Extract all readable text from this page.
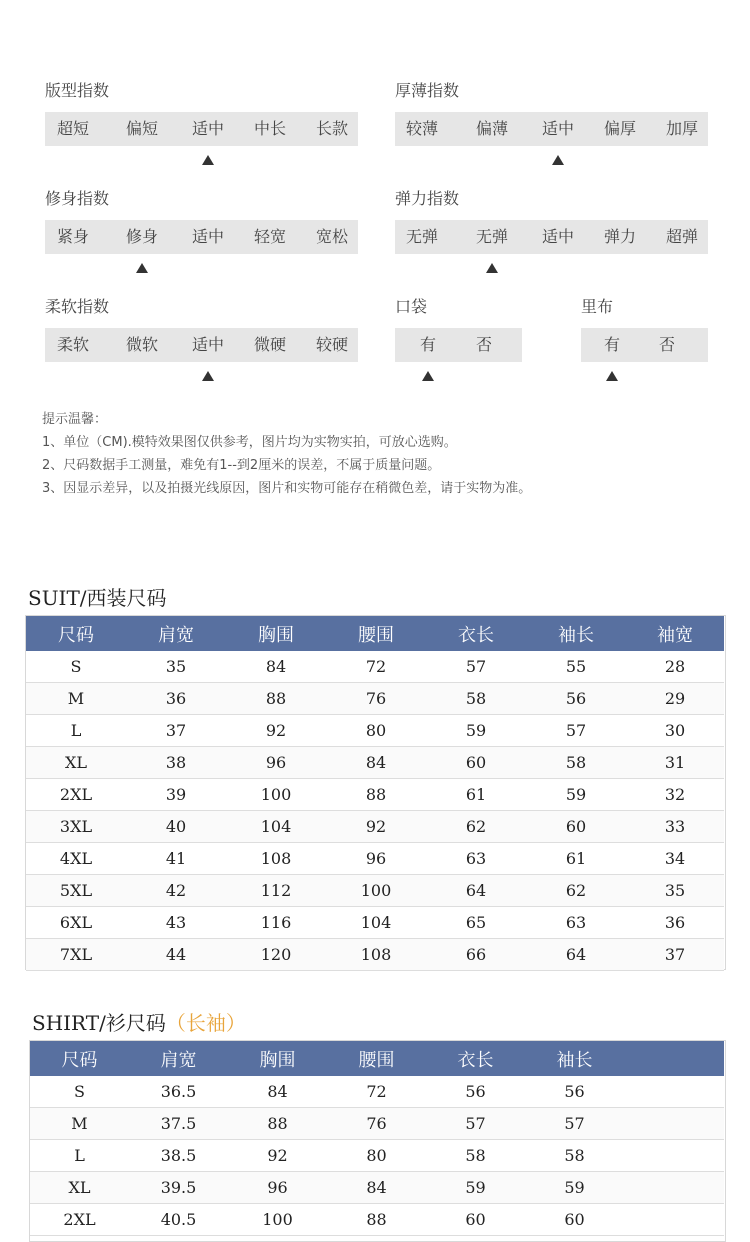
版型指数
超短	偏短	适中	中长	长款
厚薄指数
较薄	偏薄	适中	偏厚	加厚
修身指数
紧身	修身	适中	轻宽	宽松
弹力指数
无弹	无弹	适中	弹力	超弹
柔软指数
柔软	微软	适中	微硬	较硬
口袋
有	否
里布
有	否
提示温馨：
1、单位（CM).模特效果图仅供参考，图片均为实物实拍，可放心选购。
2、尺码数据手工测量，难免有1--到2厘米的误差，不属于质量问题。
3、因显示差异，以及拍摄光线原因，图片和实物可能存在稍微色差，请于实物为准。
SUIT/西装尺码
尺码	肩宽	胸围	腰围	衣长	袖长	袖宽
S	35	84	72	57	55	28
M	36	88	76	58	56	29
L	37	92	80	59	57	30
XL	38	96	84	60	58	31
2XL	39	100	88	61	59	32
3XL	40	104	92	62	60	33
4XL	41	108	96	63	61	34
5XL	42	112	100	64	62	35
6XL	43	116	104	65	63	36
7XL	44	120	108	66	64	37
SHIRT/衫尺码（长袖）
尺码	肩宽	胸围	腰围	衣长	袖长	
S	36.5	84	72	56	56	
M	37.5	88	76	57	57	
L	38.5	92	80	58	58	
XL	39.5	96	84	59	59	
2XL	40.5	100	88	60	60	
